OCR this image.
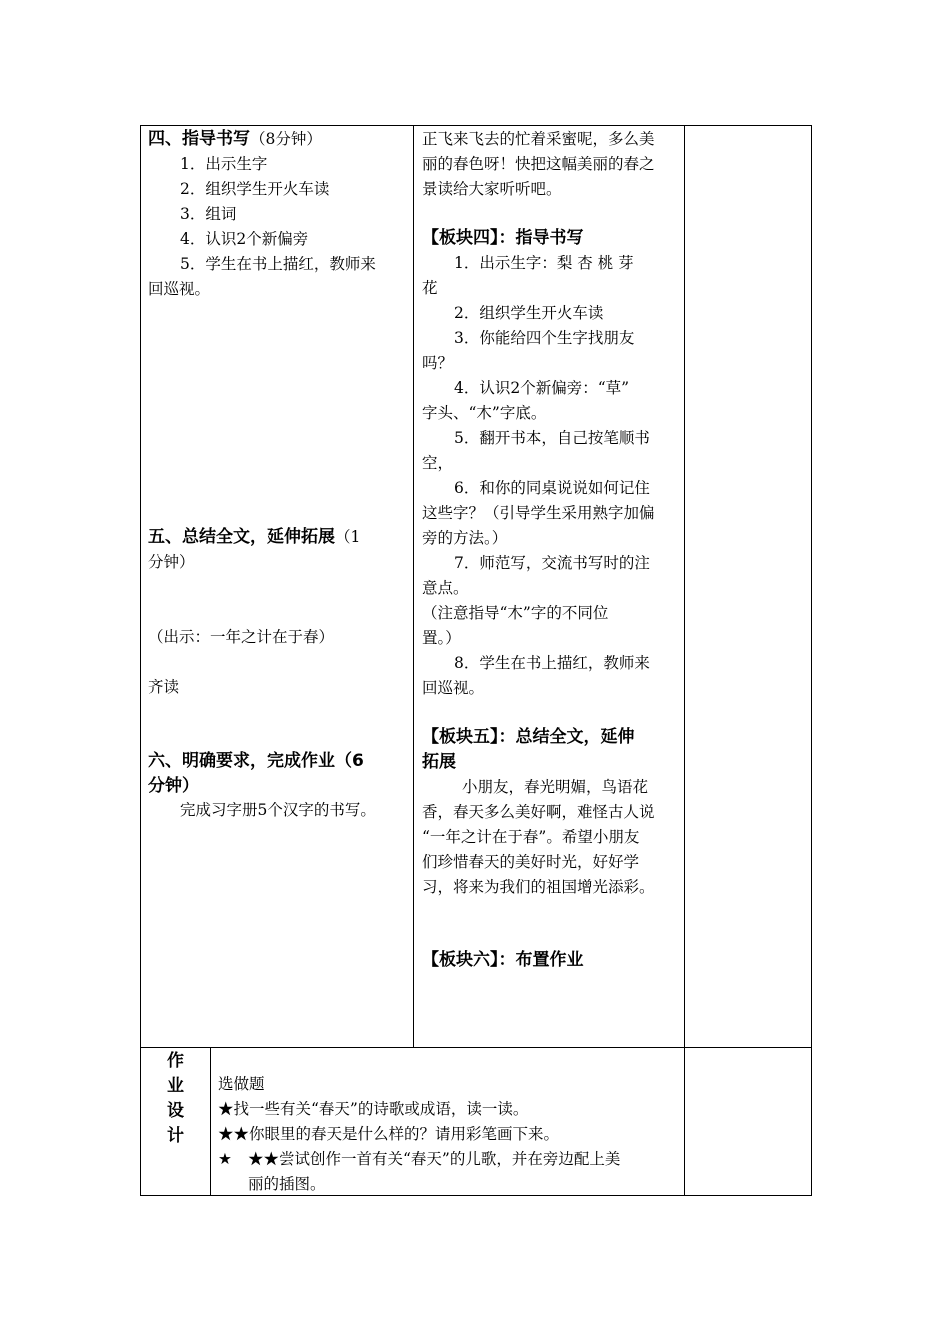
四、指导书写（8分钟）
1．出示生字
2．组织学生开火车读
3．组词
4．认识2个新偏旁
5．学生在书上描红，教师来
回巡视。
五、总结全文，延伸拓展（1
分钟）
（出示：一年之计在于春）
齐读
六、明确要求，完成作业（6
分钟）
完成习字册5个汉字的书写。
正飞来飞去的忙着采蜜呢，多么美
丽的春色呀！快把这幅美丽的春之
景读给大家听听吧。
【板块四】：指导书写
1．出示生字：梨 杏 桃 芽
花
2．组织学生开火车读
3．你能给四个生字找朋友
吗？
4．认识2个新偏旁：“草”
字头、“木”字底。
5．翻开书本，自己按笔顺书
空，
6．和你的同桌说说如何记住
这些字？（引导学生采用熟字加偏
旁的方法。）
7．师范写，交流书写时的注
意点。
（注意指导“木”字的不同位
置。）
8．学生在书上描红，教师来
回巡视。
【板块五】：总结全文，延伸
拓展
小朋友，春光明媚，鸟语花
香，春天多么美好啊，难怪古人说
“一年之计在于春”。希望小朋友
们珍惜春天的美好时光，好好学
习，将来为我们的祖国增光添彩。
【板块六】：布置作业
作
业
设
计
选做题
★找一些有关“春天”的诗歌或成语，读一读。
★★你眼里的春天是什么样的？请用彩笔画下来。
★ ★★尝试创作一首有关“春天”的儿歌，并在旁边配上美
丽的插图。
